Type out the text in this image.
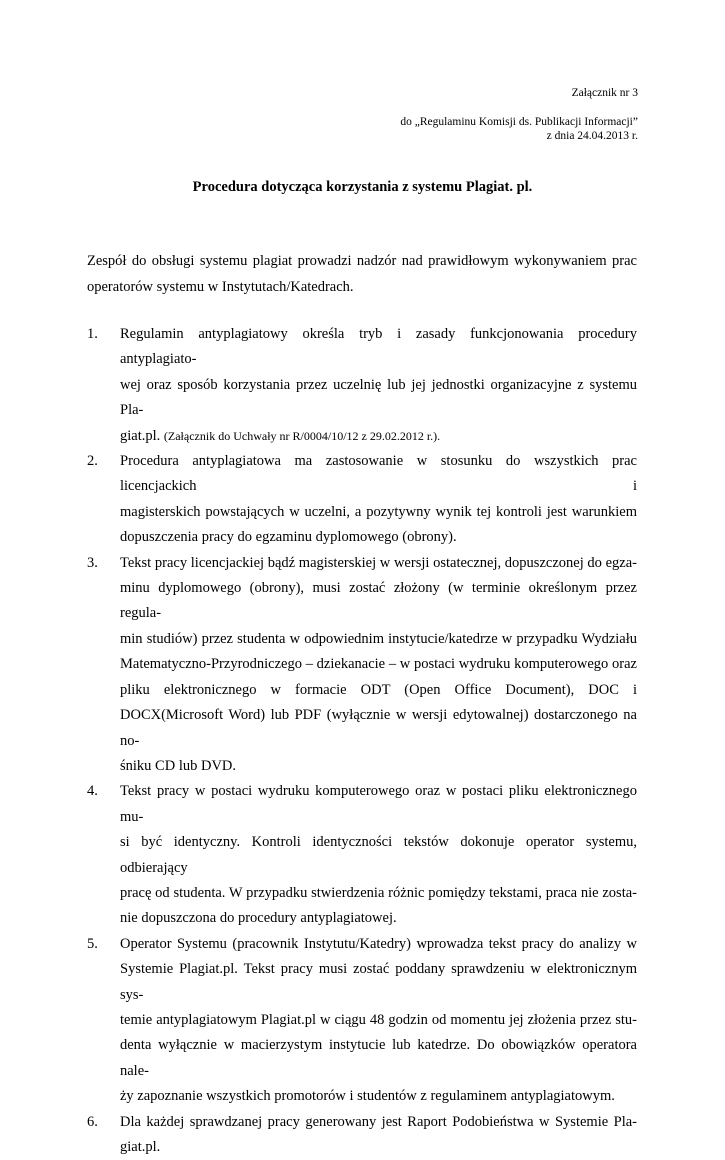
Załącznik nr 3
do „Regulaminu Komisji ds. Publikacji Informacji”
z dnia 24.04.2013 r.
Procedura dotycząca korzystania z systemu Plagiat. pl.
Zespół do obsługi systemu plagiat prowadzi nadzór nad prawidłowym wykonywaniem prac
operatorów systemu w Instytutach/Katedrach.
1. Regulamin antyplagiatowy określa tryb i zasady funkcjonowania procedury antyplagiato-
wej oraz sposób korzystania przez uczelnię lub jej jednostki organizacyjne z systemu Pla-
giat.pl. (Załącznik do Uchwały nr R/0004/10/12 z 29.02.2012 r.).
2. Procedura antyplagiatowa ma zastosowanie w stosunku do wszystkich prac licencjackich i
magisterskich powstających w uczelni, a pozytywny wynik tej kontroli jest warunkiem
dopuszczenia pracy do egzaminu dyplomowego (obrony).
3. Tekst pracy licencjackiej bądź magisterskiej w wersji ostatecznej, dopuszczonej do egza-
minu dyplomowego (obrony), musi zostać złożony (w terminie określonym przez regula-
min studiów) przez studenta w odpowiednim instytucie/katedrze w przypadku Wydziału
Matematyczno-Przyrodniczego – dziekanacie – w postaci wydruku komputerowego oraz
pliku elektronicznego w formacie ODT (Open Office Document), DOC i
DOCX(Microsoft Word) lub PDF (wyłącznie w wersji edytowalnej) dostarczonego na no-
śniku CD lub DVD.
4. Tekst pracy w postaci wydruku komputerowego oraz w postaci pliku elektronicznego mu-
si być identyczny. Kontroli identyczności tekstów dokonuje operator systemu, odbierający
pracę od studenta. W przypadku stwierdzenia różnic pomiędzy tekstami, praca nie zosta-
nie dopuszczona do procedury antyplagiatowej.
5. Operator Systemu (pracownik Instytutu/Katedry) wprowadza tekst pracy do analizy w
Systemie Plagiat.pl. Tekst pracy musi zostać poddany sprawdzeniu w elektronicznym sys-
temie antyplagiatowym Plagiat.pl w ciągu 48 godzin od momentu jej złożenia przez stu-
denta wyłącznie w macierzystym instytucie lub katedrze. Do obowiązków operatora nale-
ży zapoznanie wszystkich promotorów i studentów z regulaminem antyplagiatowym.
6. Dla każdej sprawdzanej pracy generowany jest Raport Podobieństwa w Systemie Pla-
giat.pl.
